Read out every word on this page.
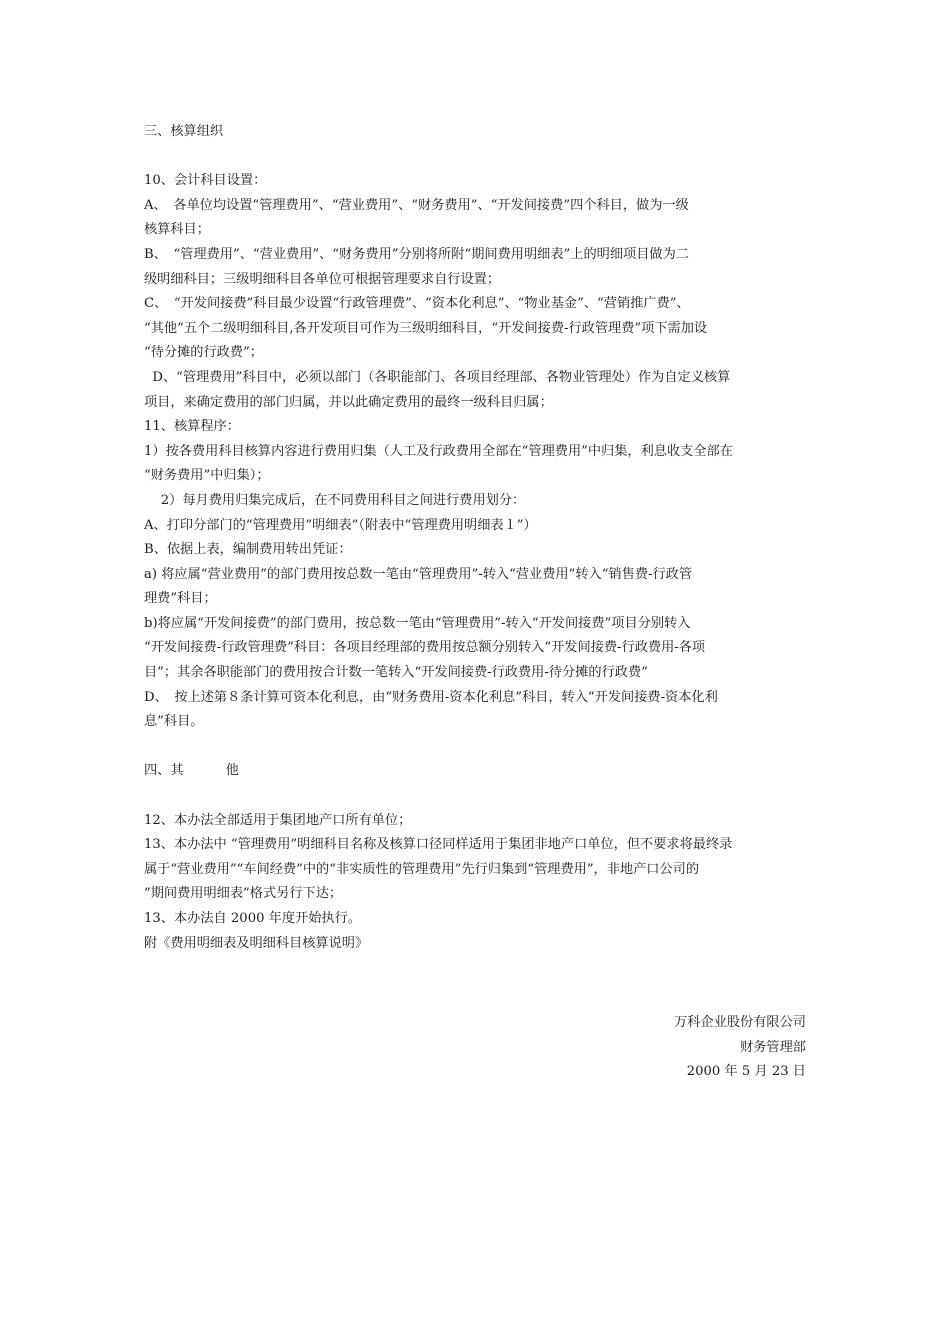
三、核算组织
10、会计科目设置：
A、　各单位均设置“管理费用”、“营业费用”、“财务费用”、“开发间接费”四个科目，做为一级
核算科目；
B、　“管理费用”、“营业费用”、“财务费用”分别将所附“期间费用明细表”上的明细项目做为二
级明细科目；三级明细科目各单位可根据管理要求自行设置；
C、　“开发间接费”科目最少设置“行政管理费”、“资本化利息”、“物业基金”、“营销推广费”、
“其他”五个二级明细科目,各开发项目可作为三级明细科目，“开发间接费-行政管理费”项下需加设
“待分摊的行政费”；
D、“管理费用”科目中，必须以部门（各职能部门、各项目经理部、各物业管理处）作为自定义核算
项目，来确定费用的部门归属，并以此确定费用的最终一级科目归属；
11、核算程序：
1）按各费用科目核算内容进行费用归集（人工及行政费用全部在“管理费用”中归集，利息收支全部在
“财务费用”中归集）；
2）每月费用归集完成后，在不同费用科目之间进行费用划分：
A、打印分部门的“管理费用”明细表”（附表中“管理费用明细表１”）
B、依据上表，编制费用转出凭证：
a) 将应属“营业费用”的部门费用按总数一笔由“管理费用”-转入“营业费用”转入“销售费-行政管
理费”科目；
b)将应属“开发间接费”的部门费用，按总数一笔由“管理费用”-转入“开发间接费”项目分别转入
“开发间接费-行政管理费”科目：各项目经理部的费用按总额分别转入“开发间接费-行政费用-各项
目”；其余各职能部门的费用按合计数一笔转入“开发间接费-行政费用-待分摊的行政费”
D、　按上述第８条计算可资本化利息，由“财务费用-资本化利息”科目，转入“开发间接费-资本化利
息”科目。
四、其	他
12、本办法全部适用于集团地产口所有单位；
13、本办法中 “管理费用”明细科目名称及核算口径同样适用于集团非地产口单位，但不要求将最终录
属于“营业费用”“车间经费”中的“非实质性的管理费用”先行归集到“管理费用”，非地产口公司的
“期间费用明细表”格式另行下达；
13、本办法自 2000 年度开始执行。
附《费用明细表及明细科目核算说明》
万科企业股份有限公司
财务管理部
2000 年 5 月 23 日
